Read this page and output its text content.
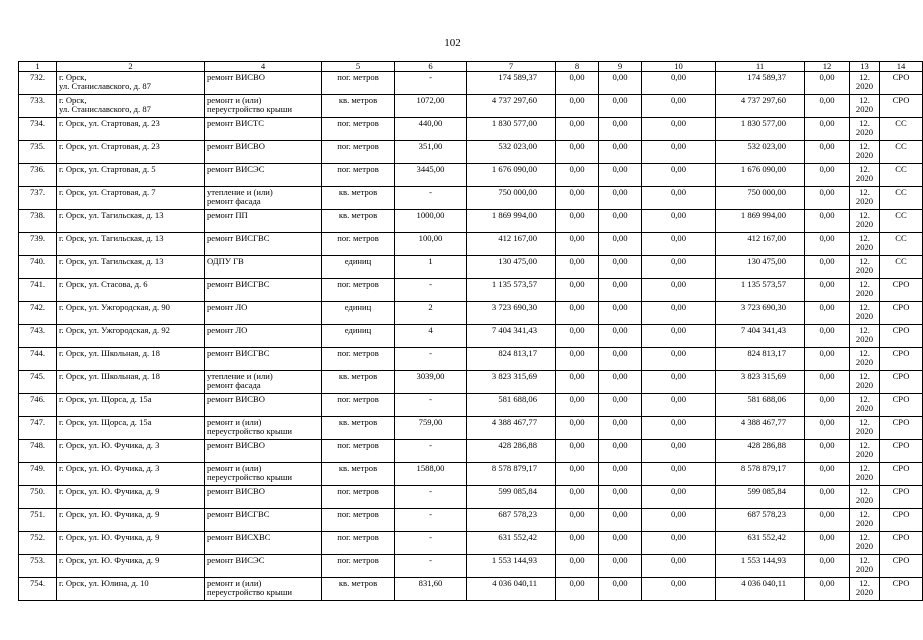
102
1	2	4	5	6	7	8	9	10	11	12	13	14
732.	г. Орск,
ул. Станиславского, д. 87	ремонт ВИСВО	пог. метров	-	174 589,37	0,00	0,00	0,00	174 589,37	0,00	12.
2020	СРО
733.	г. Орск,
ул. Станиславского, д. 87	ремонт и (или)
переустройство крыши	кв. метров	1072,00	4 737 297,60	0,00	0,00	0,00	4 737 297,60	0,00	12.
2020	СРО
734.	г. Орск, ул. Стартовая, д. 23	ремонт ВИСТС	пог. метров	440,00	1 830 577,00	0,00	0,00	0,00	1 830 577,00	0,00	12.
2020	СС
735.	г. Орск, ул. Стартовая, д. 23	ремонт ВИСВО	пог. метров	351,00	532 023,00	0,00	0,00	0,00	532 023,00	0,00	12.
2020	СС
736.	г. Орск, ул. Стартовая, д. 5	ремонт ВИСЭС	пог. метров	3445,00	1 676 090,00	0,00	0,00	0,00	1 676 090,00	0,00	12.
2020	СС
737.	г. Орск, ул. Стартовая, д. 7	утепление и (или)
ремонт фасада	кв. метров	-	750 000,00	0,00	0,00	0,00	750 000,00	0,00	12.
2020	СС
738.	г. Орск, ул. Тагильская, д. 13	ремонт ПП	кв. метров	1000,00	1 869 994,00	0,00	0,00	0,00	1 869 994,00	0,00	12.
2020	СС
739.	г. Орск, ул. Тагильская, д. 13	ремонт ВИСГВС	пог. метров	100,00	412 167,00	0,00	0,00	0,00	412 167,00	0,00	12.
2020	СС
740.	г. Орск, ул. Тагильская, д. 13	ОДПУ ГВ	единиц	1	130 475,00	0,00	0,00	0,00	130 475,00	0,00	12.
2020	СС
741.	г. Орск, ул. Стасова, д. 6	ремонт ВИСГВС	пог. метров	-	1 135 573,57	0,00	0,00	0,00	1 135 573,57	0,00	12.
2020	СРО
742.	г. Орск, ул. Ужгородская, д. 90	ремонт ЛО	единиц	2	3 723 690,30	0,00	0,00	0,00	3 723 690,30	0,00	12.
2020	СРО
743.	г. Орск, ул. Ужгородская, д. 92	ремонт ЛО	единиц	4	7 404 341,43	0,00	0,00	0,00	7 404 341,43	0,00	12.
2020	СРО
744.	г. Орск, ул. Школьная, д. 18	ремонт ВИСГВС	пог. метров	-	824 813,17	0,00	0,00	0,00	824 813,17	0,00	12.
2020	СРО
745.	г. Орск, ул. Школьная, д. 18	утепление и (или)
ремонт фасада	кв. метров	3039,00	3 823 315,69	0,00	0,00	0,00	3 823 315,69	0,00	12.
2020	СРО
746.	г. Орск, ул. Щорса, д. 15а	ремонт ВИСВО	пог. метров	-	581 688,06	0,00	0,00	0,00	581 688,06	0,00	12.
2020	СРО
747.	г. Орск, ул. Щорса, д. 15а	ремонт и (или)
переустройство крыши	кв. метров	759,00	4 388 467,77	0,00	0,00	0,00	4 388 467,77	0,00	12.
2020	СРО
748.	г. Орск, ул. Ю. Фучика, д. 3	ремонт ВИСВО	пог. метров	-	428 286,88	0,00	0,00	0,00	428 286,88	0,00	12.
2020	СРО
749.	г. Орск, ул. Ю. Фучика, д. 3	ремонт и (или)
переустройство крыши	кв. метров	1588,00	8 578 879,17	0,00	0,00	0,00	8 578 879,17	0,00	12.
2020	СРО
750.	г. Орск, ул. Ю. Фучика, д. 9	ремонт ВИСВО	пог. метров	-	599 085,84	0,00	0,00	0,00	599 085,84	0,00	12.
2020	СРО
751.	г. Орск, ул. Ю. Фучика, д. 9	ремонт ВИСГВС	пог. метров	-	687 578,23	0,00	0,00	0,00	687 578,23	0,00	12.
2020	СРО
752.	г. Орск, ул. Ю. Фучика, д. 9	ремонт ВИСХВС	пог. метров	-	631 552,42	0,00	0,00	0,00	631 552,42	0,00	12.
2020	СРО
753.	г. Орск, ул. Ю. Фучика, д. 9	ремонт ВИСЭС	пог. метров	-	1 553 144,93	0,00	0,00	0,00	1 553 144,93	0,00	12.
2020	СРО
754.	г. Орск, ул. Юлина, д. 10	ремонт и (или)
переустройство крыши	кв. метров	831,60	4 036 040,11	0,00	0,00	0,00	4 036 040,11	0,00	12.
2020	СРО
